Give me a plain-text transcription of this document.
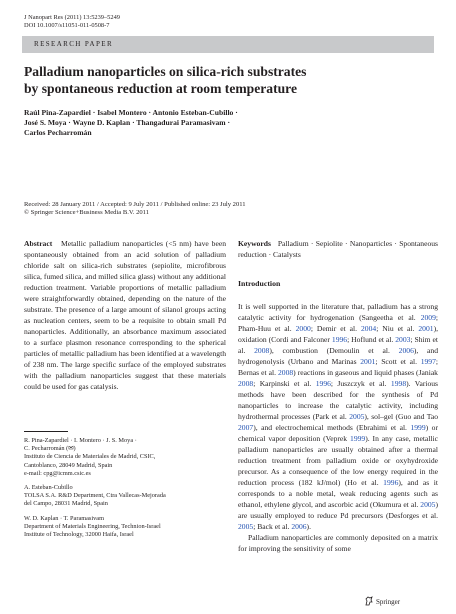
J Nanopart Res (2011) 13:5239–5249
DOI 10.1007/s11051-011-0508-7
RESEARCH PAPER
Palladium nanoparticles on silica-rich substrates
by spontaneous reduction at room temperature
Raúl Pina-Zapardiel · Isabel Montero · Antonio Esteban-Cubillo ·
José S. Moya · Wayne D. Kaplan · Thangadurai Paramasivam ·
Carlos Pecharromán
Received: 28 January 2011 / Accepted: 9 July 2011 / Published online: 23 July 2011
© Springer Science+Business Media B.V. 2011

Abstract Metallic palladium nanoparticles (<5 nm) have been spontaneously obtained from an acid solution of palladium chloride salt on silica-rich substrates (sepiolite, microfibrous silica, fumed silica, and milled silica glass) without any additional reduction treatment. Variable proportions of metallic palladium were straightforwardly obtained, depending on the nature of the substrate. The presence of a large amount of silanol groups acting as nucleation centers, seem to be a requisite to obtain small Pd nanoparticles. Additionally, an absorbance maximum associated to a surface plasmon resonance corresponding to the spherical particles of metallic palladium has been identified at a wavelength of 238 nm. The large specific surface of the employed substrates with the palladium nanoparticles suggest that these materials could be used for gas catalysis.

Keywords Palladium · Sepiolite · Nanoparticles · Spontaneous reduction · Catalysts

Introduction

It is well supported in the literature that, palladium has a strong catalytic activity for hydrogenation (Sangeetha et al. 2009; Pham-Huu et al. 2000; Demir et al. 2004; Niu et al. 2001), oxidation (Cordi and Falconer 1996; Hoflund et al. 2003; Shim et al. 2008), combustion (Demoulin et al. 2006), and hydrogenolysis (Urbano and Marinas 2001; Scott et al. 1997; Bernas et al. 2008) reactions in gaseous and liquid phases (Janiak 2008; Karpinski et al. 1996; Juszczyk et al. 1998). Various methods have been described for the synthesis of Pd nanoparticles to increase the catalytic activity, including hydrothermal processes (Park et al. 2005), sol–gel (Guo and Tao 2007), and electrochemical methods (Ebrahimi et al. 1999) or chemical vapor deposition (Veprek 1999). In any case, metallic palladium nanoparticles are usually obtained after a thermal reduction treatment from palladium oxide or oxyhydroxide precursor. As a consequence of the low energy required in the reduction process (182 kJ/mol) (Ho et al. 1996), and as it corresponds to a noble metal, weak reducing agents such as ethanol, ethylene glycol, and ascorbic acid (Okumura et al. 2005) are usually employed to reduce Pd precursors (Desforges et al. 2005; Back et al. 2006).

Palladium nanoparticles are commonly deposited on a matrix for improving the sensitivity of some

R. Pina-Zapardiel · I. Montero · J. S. Moya ·
C. Pecharromán (✉)
Instituto de Ciencia de Materiales de Madrid, CSIC,
Cantoblanco, 28049 Madrid, Spain
e-mail: cpg@icmm.csic.es

A. Esteban-Cubillo
TOLSA S.A. R&D Department, Ctra Vallecas-Mejorada
del Campo, 28031 Madrid, Spain

W. D. Kaplan · T. Paramasivam
Department of Materials Engineering, Technion-Israel
Institute of Technology, 32000 Haifa, Israel

Springer
